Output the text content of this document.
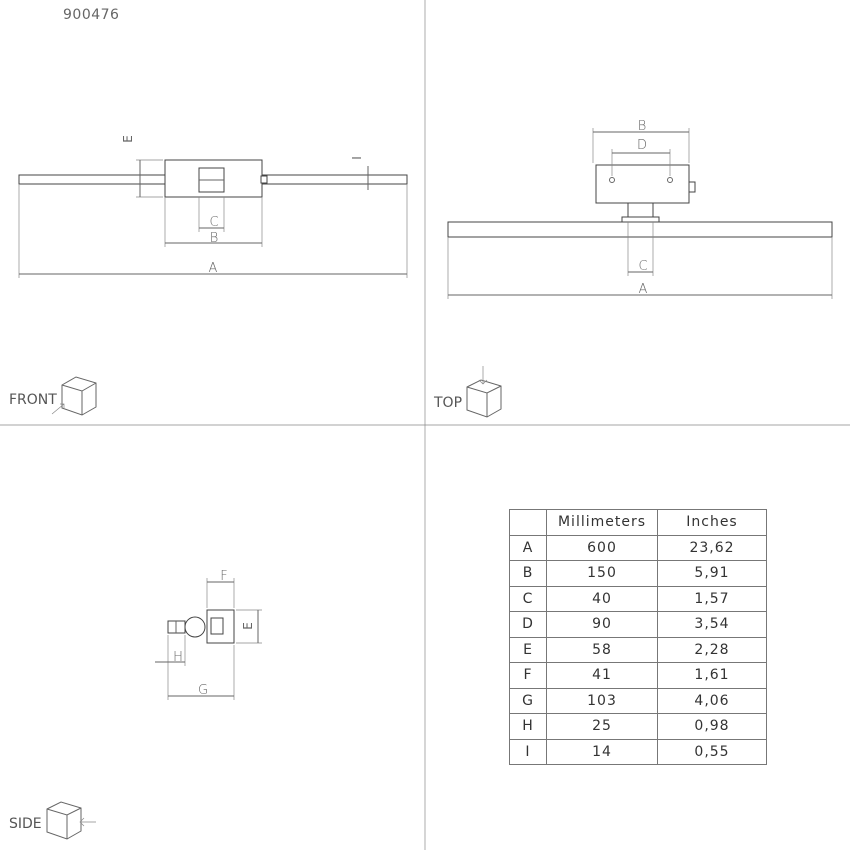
E
I
C
B
A
FRONT
B
D
C
A
TOP
F
E
H
G
SIDE
900476
	Millimeters	Inches
A	600	23,62
B	150	5,91
C	40	1,57
D	90	3,54
E	58	2,28
F	41	1,61
G	103	4,06
H	25	0,98
I	14	0,55
